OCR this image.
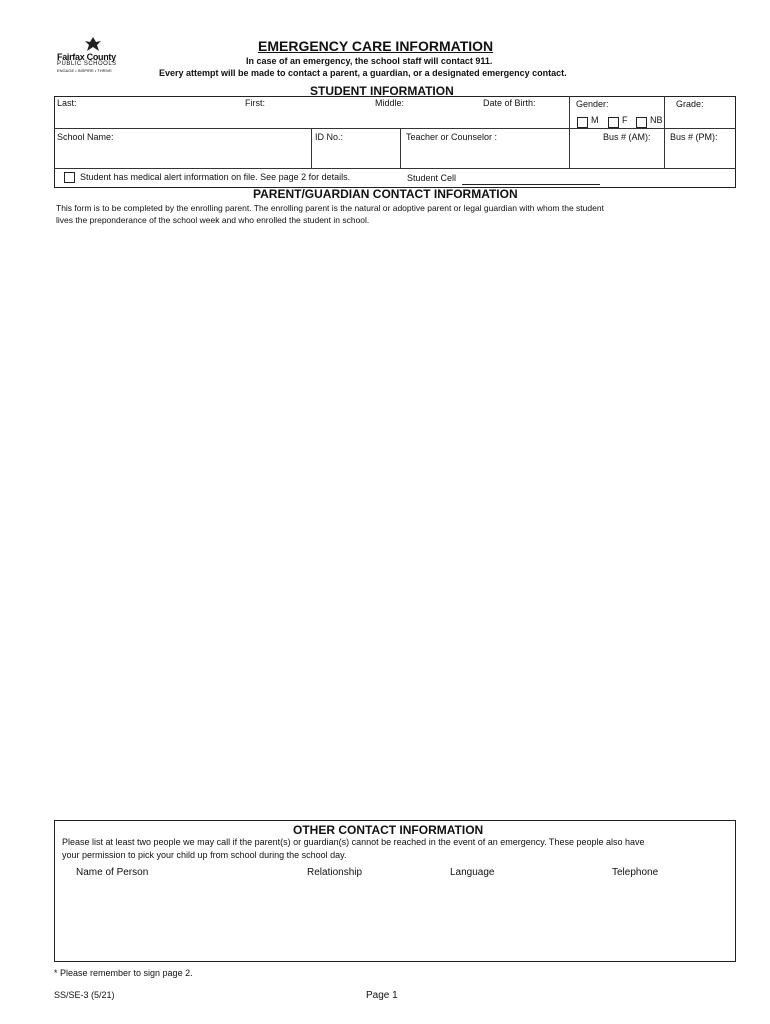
Fairfax County
PUBLIC SCHOOLS
ENGAGE • INSPIRE • THRIVE
EMERGENCY CARE INFORMATION
In case of an emergency, the school staff will contact 911.
Every attempt will be made to contact a parent, a guardian, or a designated emergency contact.
STUDENT INFORMATION
Last:	First:	Middle:	Date of Birth:	Gender:	Grade:
M	F	NB
School Name:	ID No.:	Teacher or Counselor :	Bus # (AM): Bus # (PM):
Student has medical alert information on file. See page 2 for details.	Student Cell
PARENT/GUARDIAN CONTACT INFORMATION
This form is to be completed by the enrolling parent. The enrolling parent is the natural or adoptive parent or legal guardian with whom the student
lives the preponderance of the school week and who enrolled the student in school.
OTHER CONTACT INFORMATION
Please list at least two people we may call if the parent(s) or guardian(s) cannot be reached in the event of an emergency. These people also have
your permission to pick your child up from school during the school day.
Name of Person	Relationship	Language	Telephone
* Please remember to sign page 2.
SS/SE-3 (5/21)	Page 1
